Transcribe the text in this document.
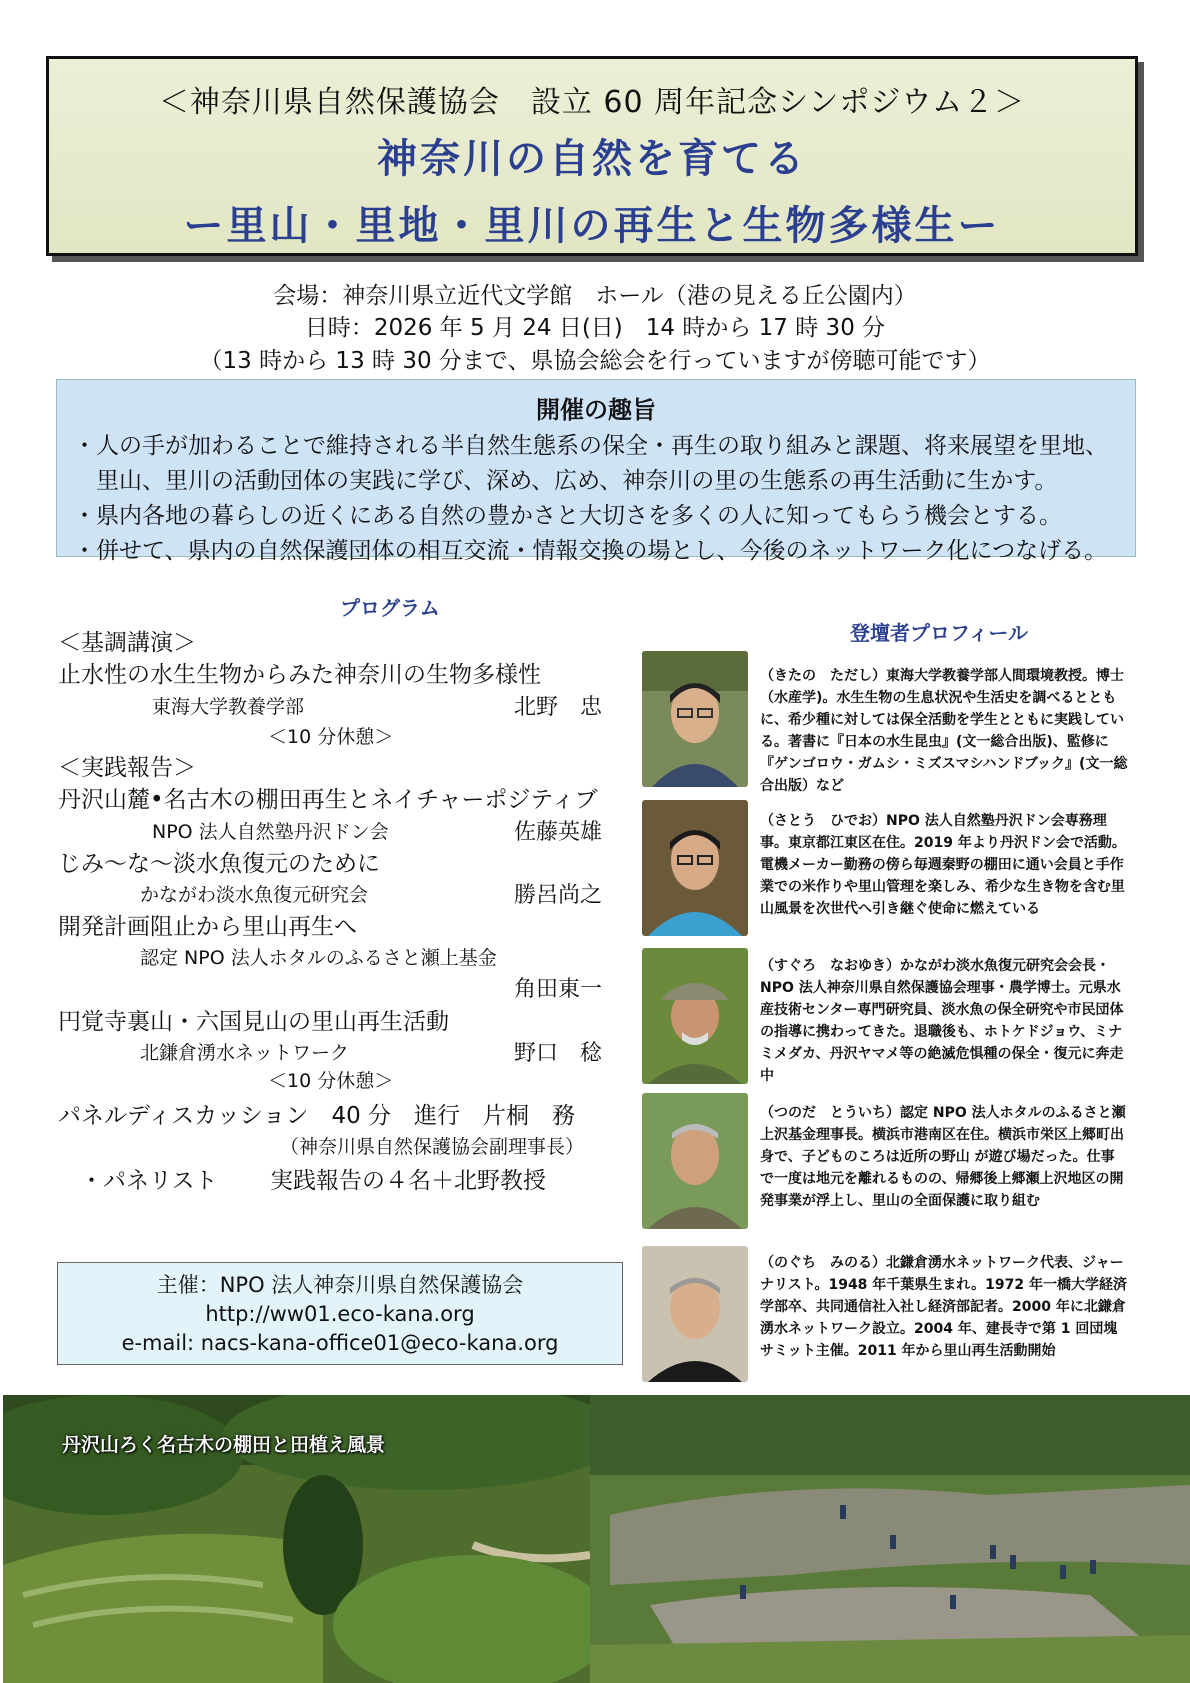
＜神奈川県自然保護協会　設立 60 周年記念シンポジウム２＞
神奈川の自然を育てる
ー里山・里地・里川の再生と生物多様生ー
会場：神奈川県立近代文学館　ホール（港の見える丘公園内）
日時：2026 年 5 月 24 日(日)　14 時から 17 時 30 分
（13 時から 13 時 30 分まで、県協会総会を行っていますが傍聴可能です）
開催の趣旨
・人の手が加わることで維持される半自然生態系の保全・再生の取り組みと課題、将来展望を里地、
　里山、里川の活動団体の実践に学び、深め、広め、神奈川の里の生態系の再生活動に生かす。
・県内各地の暮らしの近くにある自然の豊かさと大切さを多くの人に知ってもらう機会とする。
・併せて、県内の自然保護団体の相互交流・情報交換の場とし、今後のネットワーク化につなげる。
プログラム
＜基調講演＞
止水性の水生生物からみた神奈川の生物多様性
東海大学教養学部	北野　忠
＜10 分休憩＞
＜実践報告＞
丹沢山麓•名古木の棚田再生とネイチャーポジティブ
NPO 法人自然塾丹沢ドン会	佐藤英雄
じみ～な～淡水魚復元のために
かながわ淡水魚復元研究会	勝呂尚之
開発計画阻止から里山再生へ
認定 NPO 法人ホタルのふるさと瀬上基金
角田東一
円覚寺裏山・六国見山の里山再生活動
北鎌倉湧水ネットワーク	野口　稔
＜10 分休憩＞
パネルディスカッション　40 分　進行　片桐　務
（神奈川県自然保護協会副理事長）
・パネリスト 実践報告の４名＋北野教授
主催：NPO 法人神奈川県自然保護協会
http://ww01.eco-kana.org
e-mail: nacs-kana-office01@eco-kana.org
登壇者プロフィール
（きたの　ただし）東海大学教養学部人間環境教授。博士（水産学)。水生生物の生息状況や生活史を調べるとともに、希少種に対しては保全活動を学生とともに実践している。著書に『日本の水生昆虫』(文一総合出版)、監修に『ゲンゴロウ・ガムシ・ミズスマシハンドブック』(文一総合出版）など
（さとう　ひでお）NPO 法人自然塾丹沢ドン会専務理事。東京都江東区在住。2019 年より丹沢ドン会で活動。電機メーカー勤務の傍ら毎週秦野の棚田に通い会員と手作業での米作りや里山管理を楽しみ、希少な生き物を含む里山風景を次世代へ引き継ぐ使命に燃えている
（すぐろ　なおゆき）かながわ淡水魚復元研究会会長・NPO 法人神奈川県自然保護協会理事・農学博士。元県水産技術センター専門研究員、淡水魚の保全研究や市民団体の指導に携わってきた。退職後も、ホトケドジョウ、ミナミメダカ、丹沢ヤマメ等の絶滅危惧種の保全・復元に奔走中
（つのだ　とういち）認定 NPO 法人ホタルのふるさと瀬上沢基金理事長。横浜市港南区在住。横浜市栄区上郷町出身で、子どものころは近所の野山 が遊び場だった。仕事で一度は地元を離れるものの、帰郷後上郷瀬上沢地区の開発事業が浮上し、里山の全面保護に取り組む
（のぐち　みのる）北鎌倉湧水ネットワーク代表、ジャーナリスト。1948 年千葉県生まれ。1972 年一橋大学経済学部卒、共同通信社入社し経済部記者。2000 年に北鎌倉湧水ネットワーク設立。2004 年、建長寺で第 1 回団塊サミット主催。2011 年から里山再生活動開始
丹沢山ろく名古木の棚田と田植え風景
